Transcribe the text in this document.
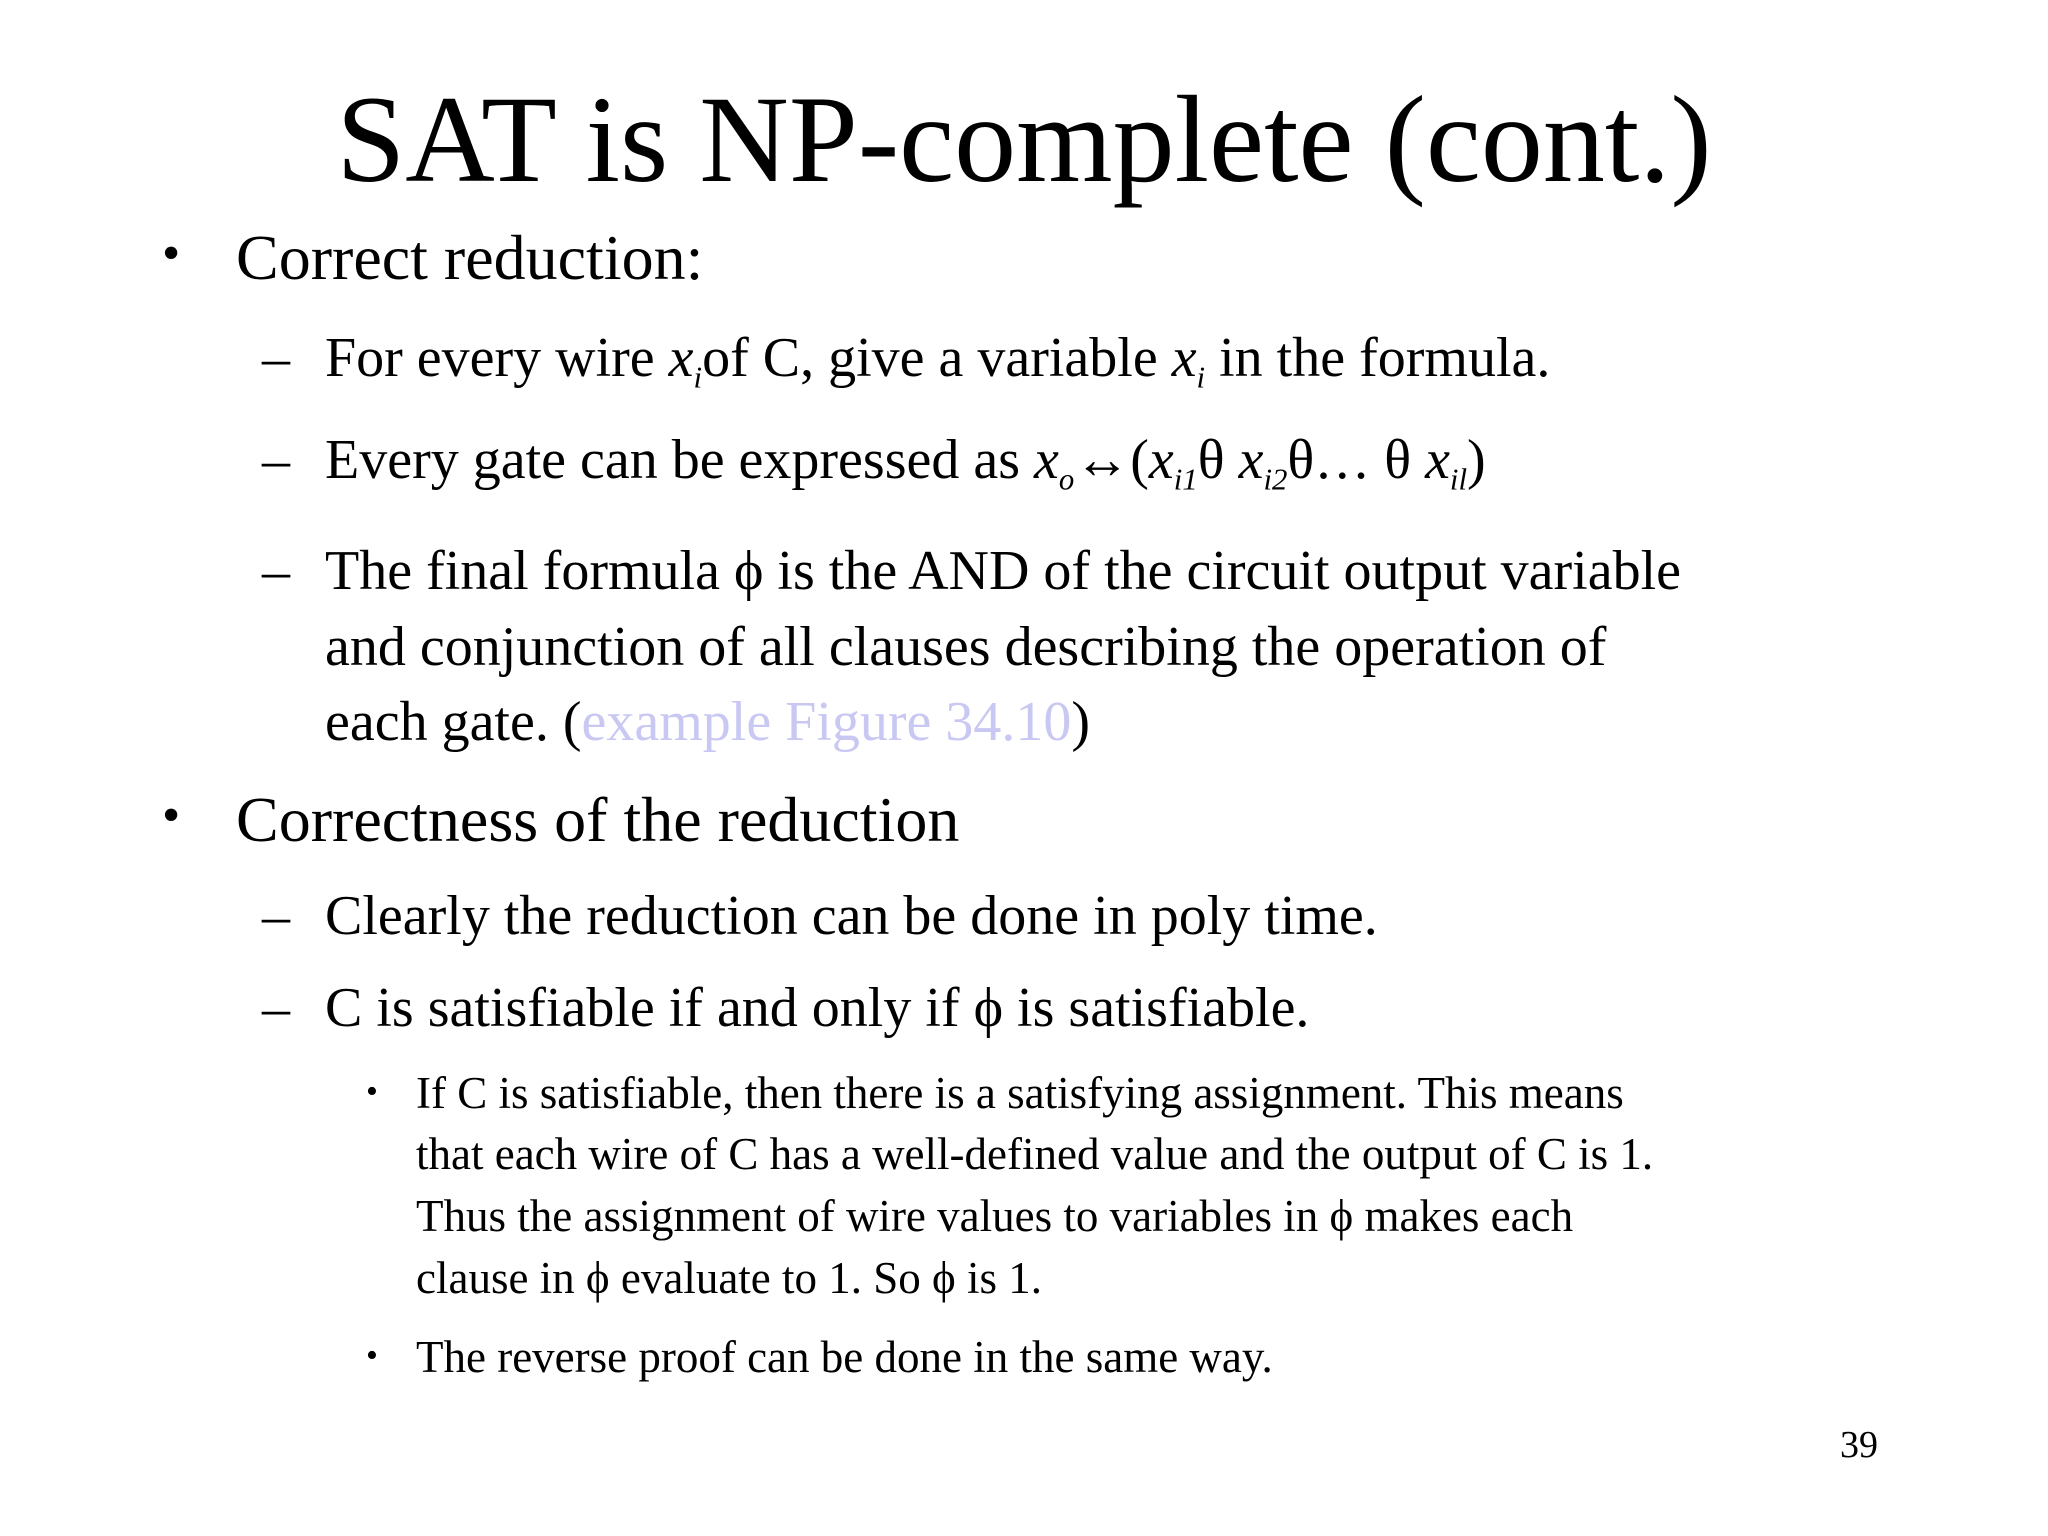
SAT is NP-complete (cont.)
• Correct reduction:
– For every wire $x_iof$ C, give a variable $x_i$ in the formula.
– Every gate can be expressed as $x_o\leftrightarrow(x_{i1}\theta$ $x_{i2}\theta\dots$ θ $x_{il}$)
– The final formula ϕ is the AND of the circuit output variable
and conjunction of all clauses describing the operation of
each gate. (example Figure 34.10)
• Correctness of the reduction
– Clearly the reduction can be done in poly time.
– C is satisfiable if and only if ϕ is satisfiable.
• If C is satisfiable, then there is a satisfying assignment. This means
that each wire of C has a well-defined value and the output of C is 1.
Thus the assignment of wire values to variables in ϕ makes each
clause in ϕ evaluate to 1. So ϕ is 1.
• The reverse proof can be done in the same way.
39
